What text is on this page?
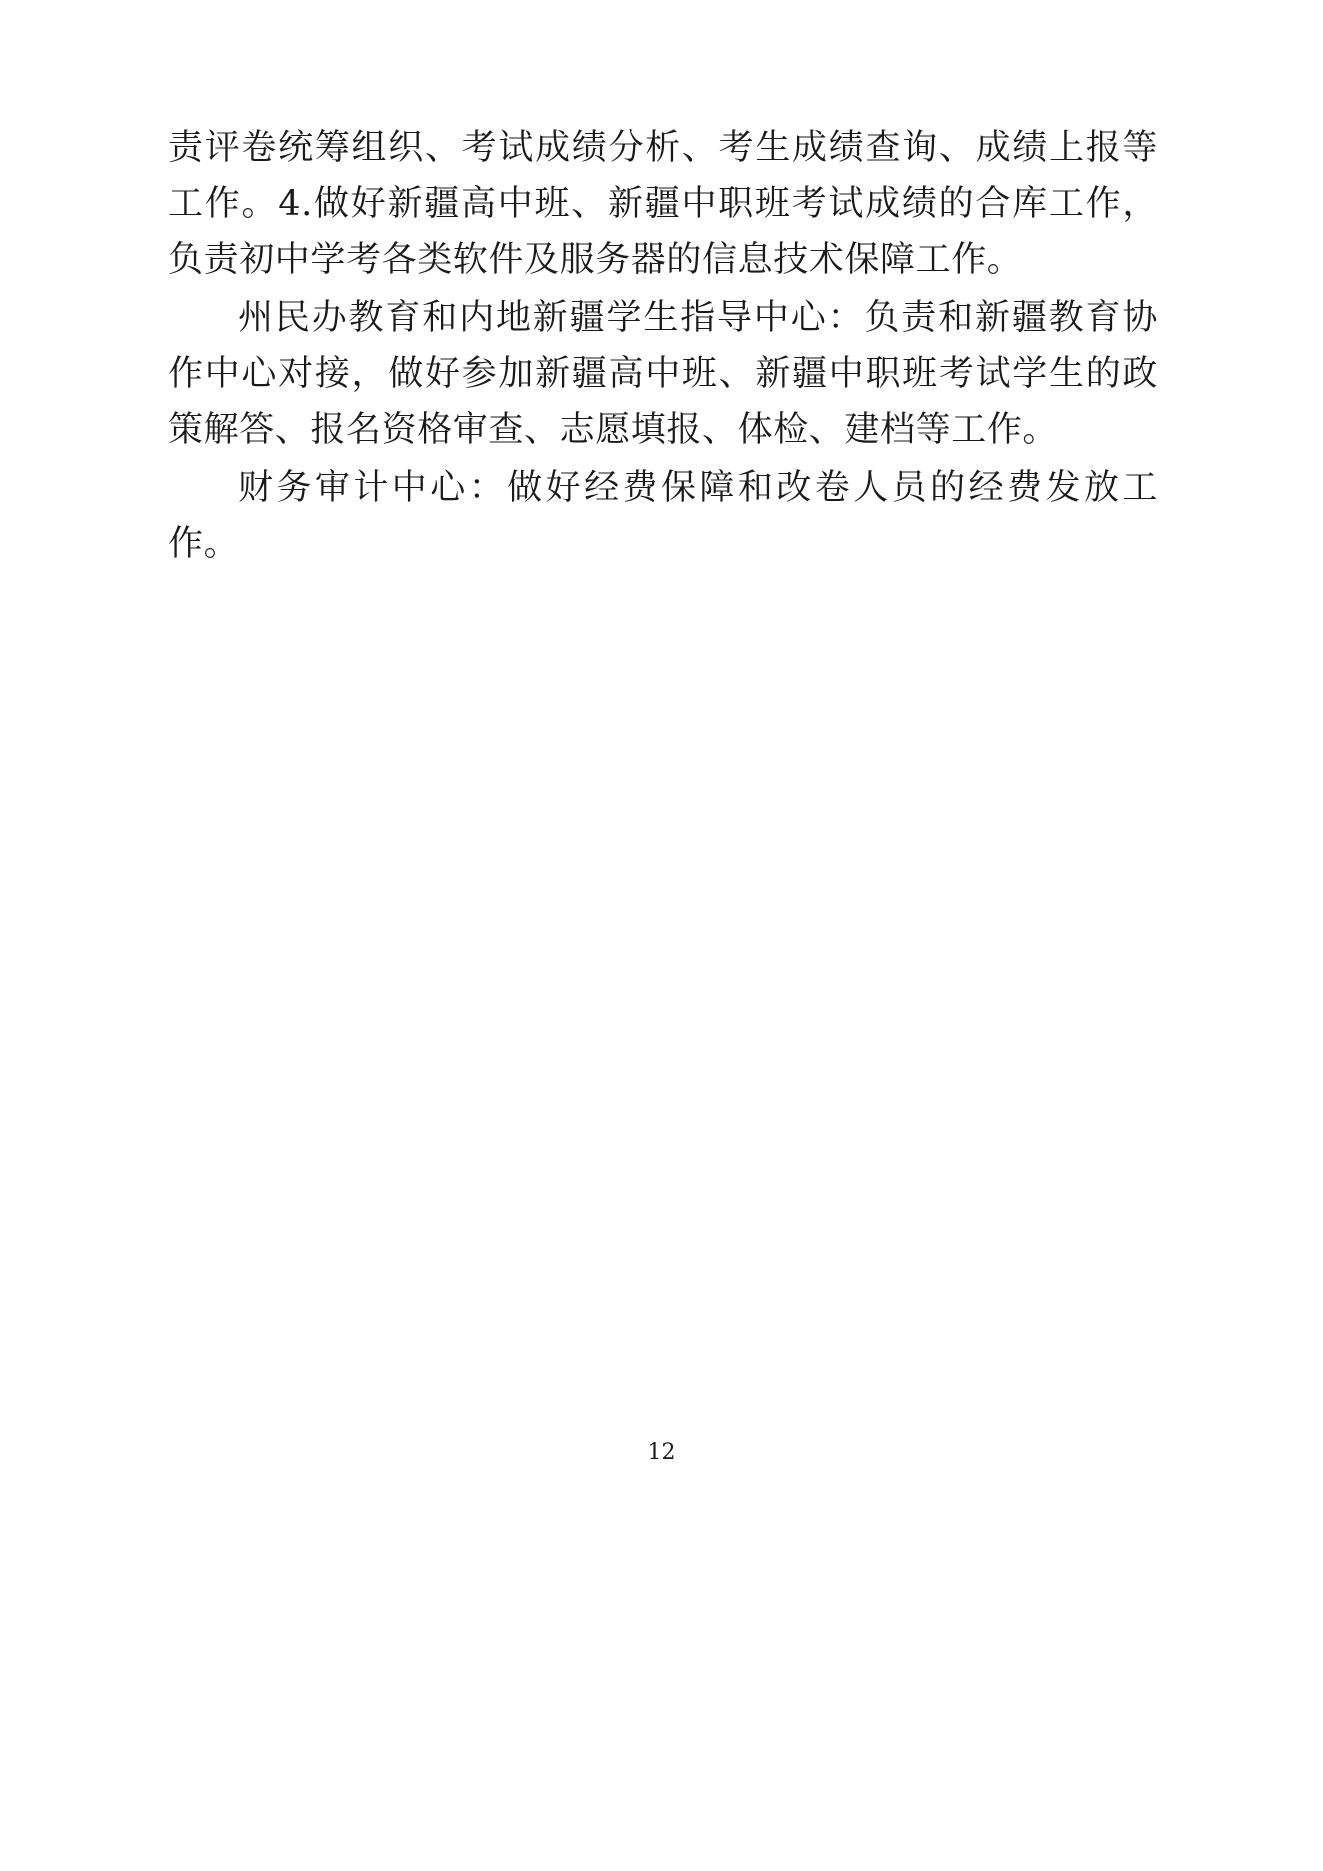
责评卷统筹组织、考试成绩分析、考生成绩查询、成绩上报等工作。4.做好新疆高中班、新疆中职班考试成绩的合库工作，负责初中学考各类软件及服务器的信息技术保障工作。

州民办教育和内地新疆学生指导中心：负责和新疆教育协作中心对接，做好参加新疆高中班、新疆中职班考试学生的政策解答、报名资格审查、志愿填报、体检、建档等工作。

财务审计中心：做好经费保障和改卷人员的经费发放工作。

12
